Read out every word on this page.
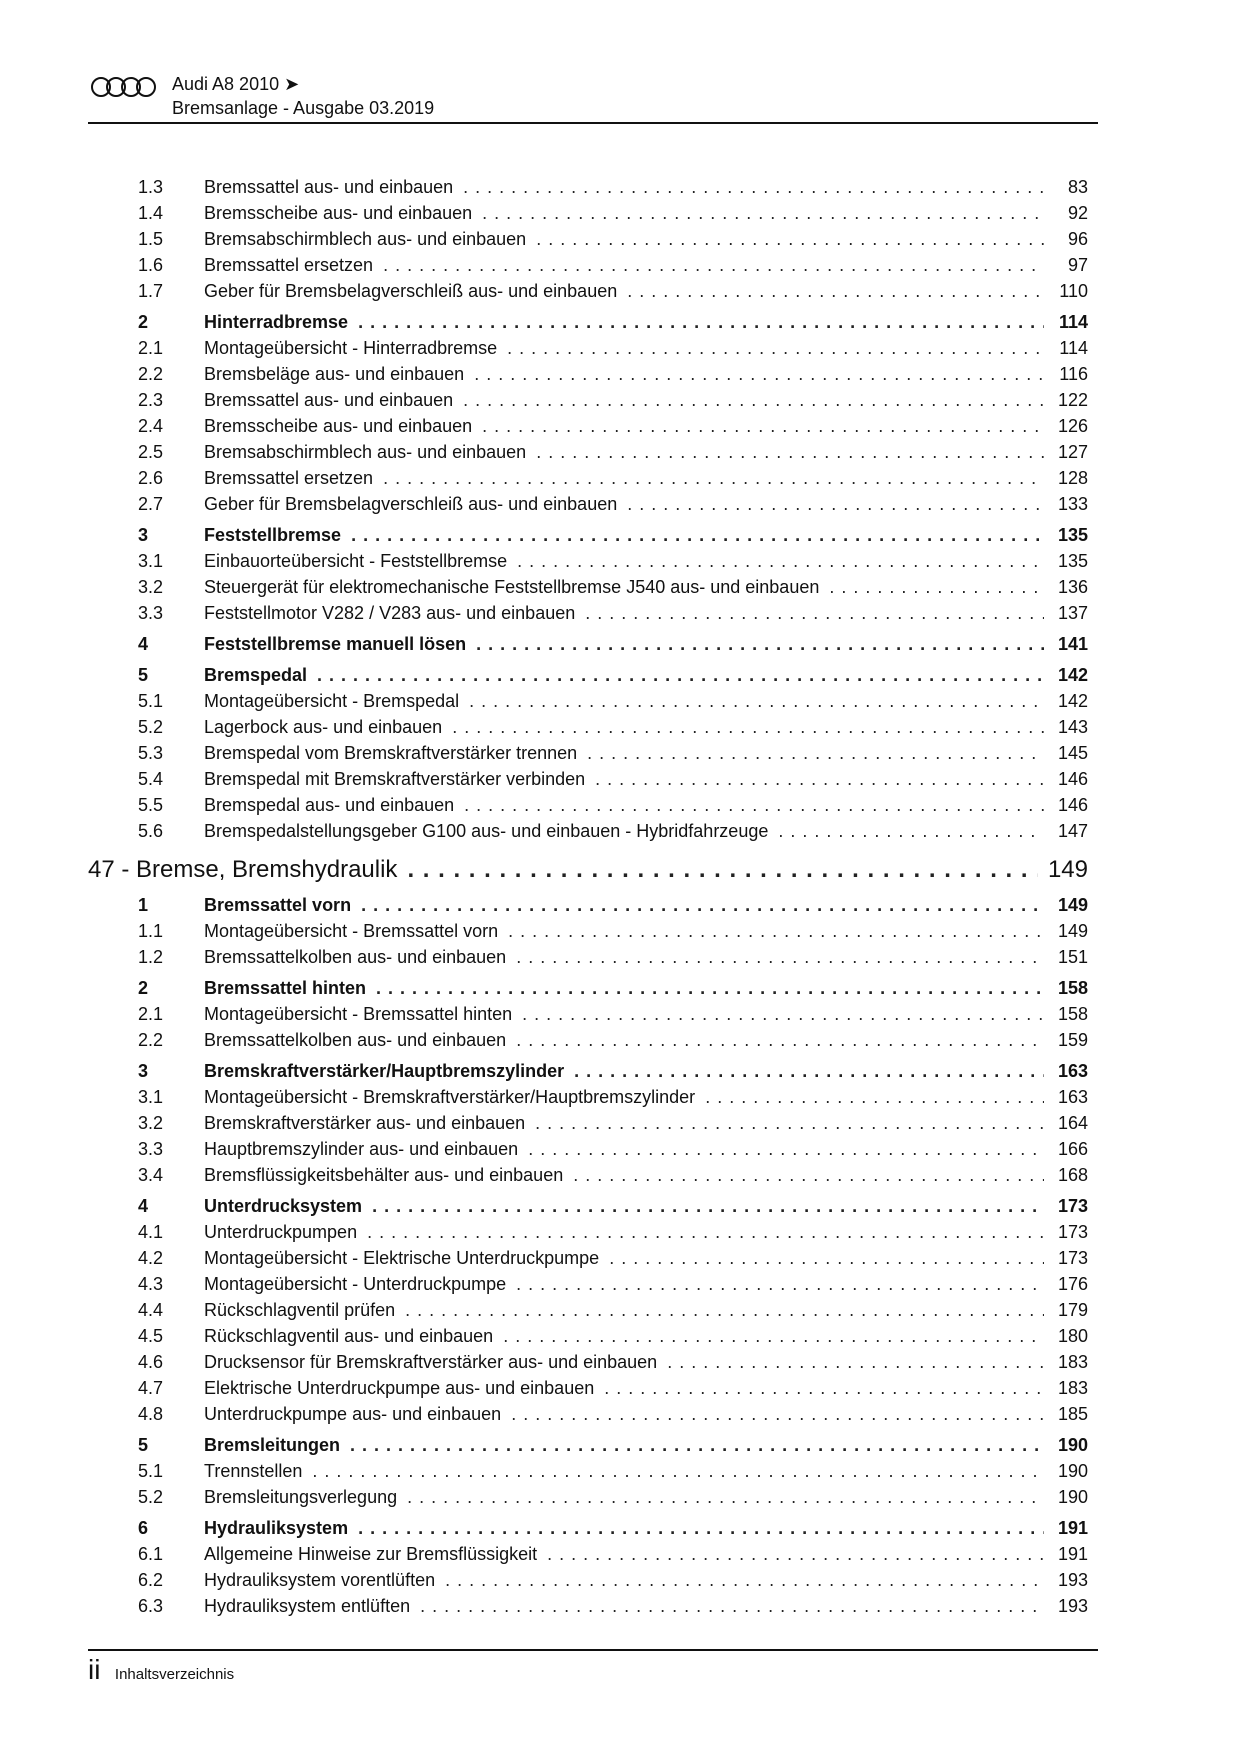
Audi A8 2010 ➤
Bremsanlage - Ausgabe 03.2019
1.3	Bremssattel aus- und einbauen . . .	83
1.4	Bremsscheibe aus- und einbauen . . .	92
1.5	Bremsabschirmblech aus- und einbauen . . .	96
1.6	Bremssattel ersetzen . . .	97
1.7	Geber für Bremsbelagverschleiß aus- und einbauen . . .	110
2	Hinterradbremse . . .	114
2.1	Montageübersicht - Hinterradbremse . . .	114
2.2	Bremsbeläge aus- und einbauen . . .	116
2.3	Bremssattel aus- und einbauen . . .	122
2.4	Bremsscheibe aus- und einbauen . . .	126
2.5	Bremsabschirmblech aus- und einbauen . . .	127
2.6	Bremssattel ersetzen . . .	128
2.7	Geber für Bremsbelagverschleiß aus- und einbauen . . .	133
3	Feststellbremse . . .	135
3.1	Einbauorteübersicht - Feststellbremse . . .	135
3.2	Steuergerät für elektromechanische Feststellbremse J540 aus- und einbauen . . .	136
3.3	Feststellmotor V282 / V283 aus- und einbauen . . .	137
4	Feststellbremse manuell lösen . . .	141
5	Bremspedal . . .	142
5.1	Montageübersicht - Bremspedal . . .	142
5.2	Lagerbock aus- und einbauen . . .	143
5.3	Bremspedal vom Bremskraftverstärker trennen . . .	145
5.4	Bremspedal mit Bremskraftverstärker verbinden . . .	146
5.5	Bremspedal aus- und einbauen . . .	146
5.6	Bremspedalstellungsgeber G100 aus- und einbauen - Hybridfahrzeuge . . .	147
47 - Bremse, Bremshydraulik . . .	149
1	Bremssattel vorn . . .	149
1.1	Montageübersicht - Bremssattel vorn . . .	149
1.2	Bremssattelkolben aus- und einbauen . . .	151
2	Bremssattel hinten . . .	158
2.1	Montageübersicht - Bremssattel hinten . . .	158
2.2	Bremssattelkolben aus- und einbauen . . .	159
3	Bremskraftverstärker/Hauptbremszylinder . . .	163
3.1	Montageübersicht - Bremskraftverstärker/Hauptbremszylinder . . .	163
3.2	Bremskraftverstärker aus- und einbauen . . .	164
3.3	Hauptbremszylinder aus- und einbauen . . .	166
3.4	Bremsflüssigkeitsbehälter aus- und einbauen . . .	168
4	Unterdrucksystem . . .	173
4.1	Unterdruckpumpen . . .	173
4.2	Montageübersicht - Elektrische Unterdruckpumpe . . .	173
4.3	Montageübersicht - Unterdruckpumpe . . .	176
4.4	Rückschlagventil prüfen . . .	179
4.5	Rückschlagventil aus- und einbauen . . .	180
4.6	Drucksensor für Bremskraftverstärker aus- und einbauen . . .	183
4.7	Elektrische Unterdruckpumpe aus- und einbauen . . .	183
4.8	Unterdruckpumpe aus- und einbauen . . .	185
5	Bremsleitungen . . .	190
5.1	Trennstellen . . .	190
5.2	Bremsleitungsverlegung . . .	190
6	Hydrauliksystem . . .	191
6.1	Allgemeine Hinweise zur Bremsflüssigkeit . . .	191
6.2	Hydrauliksystem vorentlüften . . .	193
6.3	Hydrauliksystem entlüften . . .	193
ii Inhaltsverzeichnis
